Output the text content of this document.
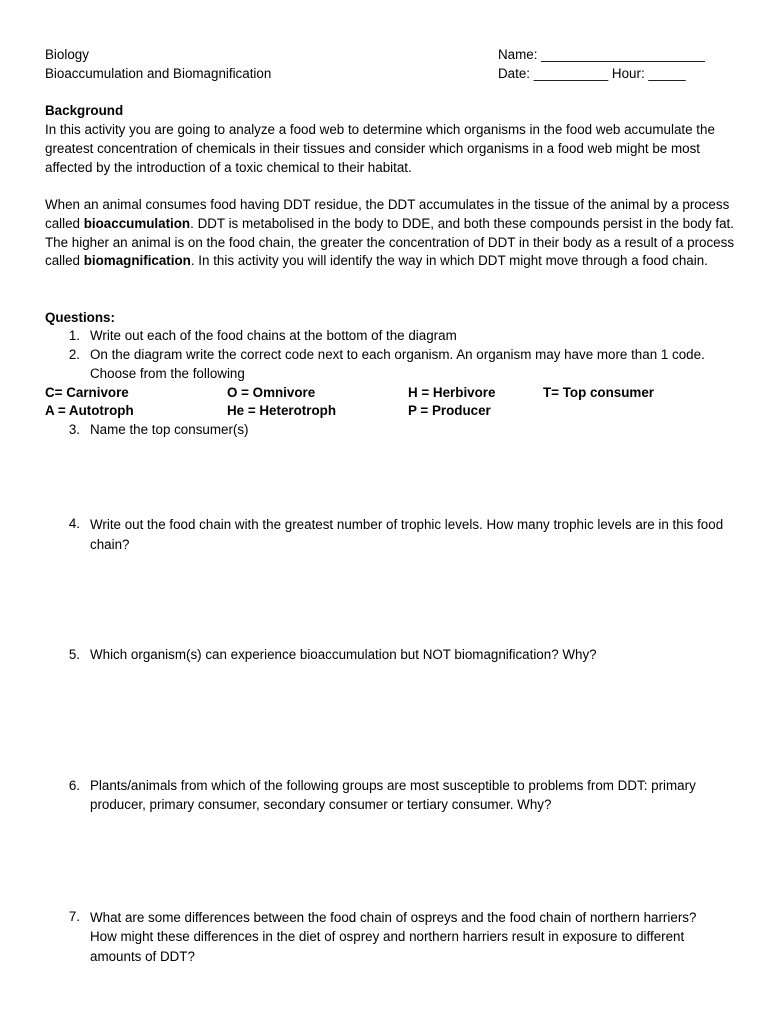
Biology
Bioaccumulation and Biomagnification
Name: ______________________
Date: __________ Hour: _____
Background
In this activity you are going to analyze a food web to determine which organisms in the food web accumulate the greatest concentration of chemicals in their tissues and consider which organisms in a food web might be most affected by the introduction of a toxic chemical to their habitat.
When an animal consumes food having DDT residue, the DDT accumulates in the tissue of the animal by a process called bioaccumulation. DDT is metabolised in the body to DDE, and both these compounds persist in the body fat. The higher an animal is on the food chain, the greater the concentration of DDT in their body as a result of a process called biomagnification. In this activity you will identify the way in which DDT might move through a food chain.
Questions:
1. Write out each of the food chains at the bottom of the diagram
2. On the diagram write the correct code next to each organism. An organism may have more than 1 code. Choose from the following
C= Carnivore	O = Omnivore	H = Herbivore	T= Top consumer
A = Autotroph	He = Heterotroph	P = Producer
3. Name the top consumer(s)
4. Write out the food chain with the greatest number of trophic levels. How many trophic levels are in this food chain?
5. Which organism(s) can experience bioaccumulation but NOT biomagnification? Why?
6. Plants/animals from which of the following groups are most susceptible to problems from DDT: primary producer, primary consumer, secondary consumer or tertiary consumer. Why?
7. What are some differences between the food chain of ospreys and the food chain of northern harriers? How might these differences in the diet of osprey and northern harriers result in exposure to different amounts of DDT?
